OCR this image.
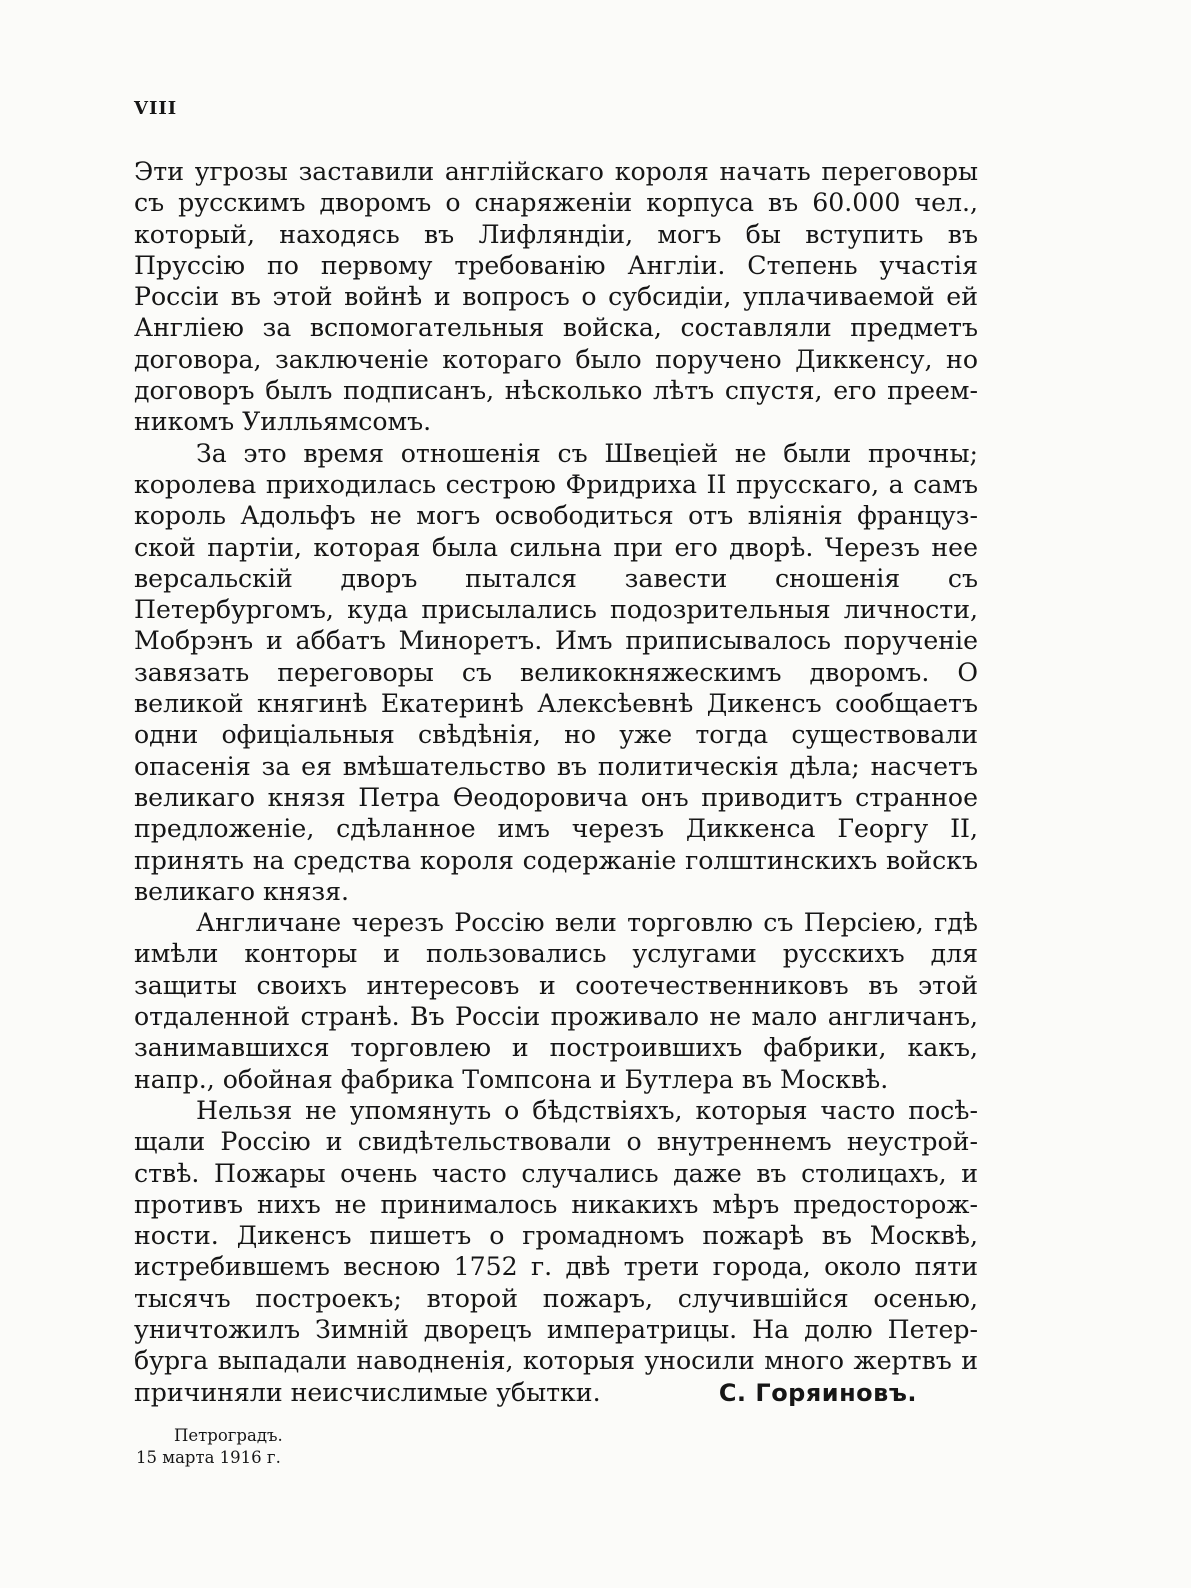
VIII

Эти угрозы заставили англійскаго короля начать переговоры съ русскимъ дворомъ о снаряженіи корпуса въ 60.000 чел., который, находясь въ Лифляндіи, могъ бы вступить въ Пруссію по первому требованію Англіи. Степень участія Россіи въ этой войнѣ и вопросъ о субсидіи, уплачиваемой ей Англіею за вспомогательныя войска, составляли предметъ договора, заключеніе котораго было поручено Диккенсу, но договоръ былъ подписанъ, нѣсколько лѣтъ спустя, его преемникомъ Уилльямсомъ.

За это время отношенія съ Швеціей не были прочны; королева приходилась сестрою Фридриха II прусскаго, а самъ король Адольфъ не могъ освободиться отъ вліянія французской партіи, которая была сильна при его дворѣ. Черезъ нее версальскій дворъ пытался завести сношенія съ Петербургомъ, куда присылались подозрительныя личности, Мобрэнъ и аббатъ Миноретъ. Имъ приписывалось порученіе завязать переговоры съ великокняжескимъ дворомъ. О великой княгинѣ Екатеринѣ Алексѣевнѣ Дикенсъ сообщаетъ одни офиціальныя свѣдѣнія, но уже тогда существовали опасенія за ея вмѣшательство въ политическія дѣла; насчетъ великаго князя Петра Ѳеодоровича онъ приводитъ странное предложеніе, сдѣланное имъ черезъ Диккенса Георгу II, принять на средства короля содержаніе голштинскихъ войскъ великаго князя.

Англичане черезъ Россію вели торговлю съ Персіею, гдѣ имѣли конторы и пользовались услугами русскихъ для защиты своихъ интересовъ и соотечественниковъ въ этой отдаленной странѣ. Въ Россіи проживало не мало англичанъ, занимавшихся торговлею и построившихъ фабрики, какъ, напр., обойная фабрика Томпсона и Бутлера въ Москвѣ.

Нельзя не упомянуть о бѣдствіяхъ, которыя часто посѣщали Россію и свидѣтельствовали о внутреннемъ неустройствѣ. Пожары очень часто случались даже въ столицахъ, и противъ нихъ не принималось никакихъ мѣръ предосторожности. Дикенсъ пишетъ о громадномъ пожарѣ въ Москвѣ, истребившемъ весною 1752 г. двѣ трети города, около пяти тысячъ построекъ; второй пожаръ, случившійся осенью, уничтожилъ Зимній дворецъ императрицы. На долю Петербурга выпадали наводненія, которыя уносили много жертвъ и причиняли неисчислимые убытки.	С. Горяиновъ.
Петроградъ.
15 марта 1916 г.
